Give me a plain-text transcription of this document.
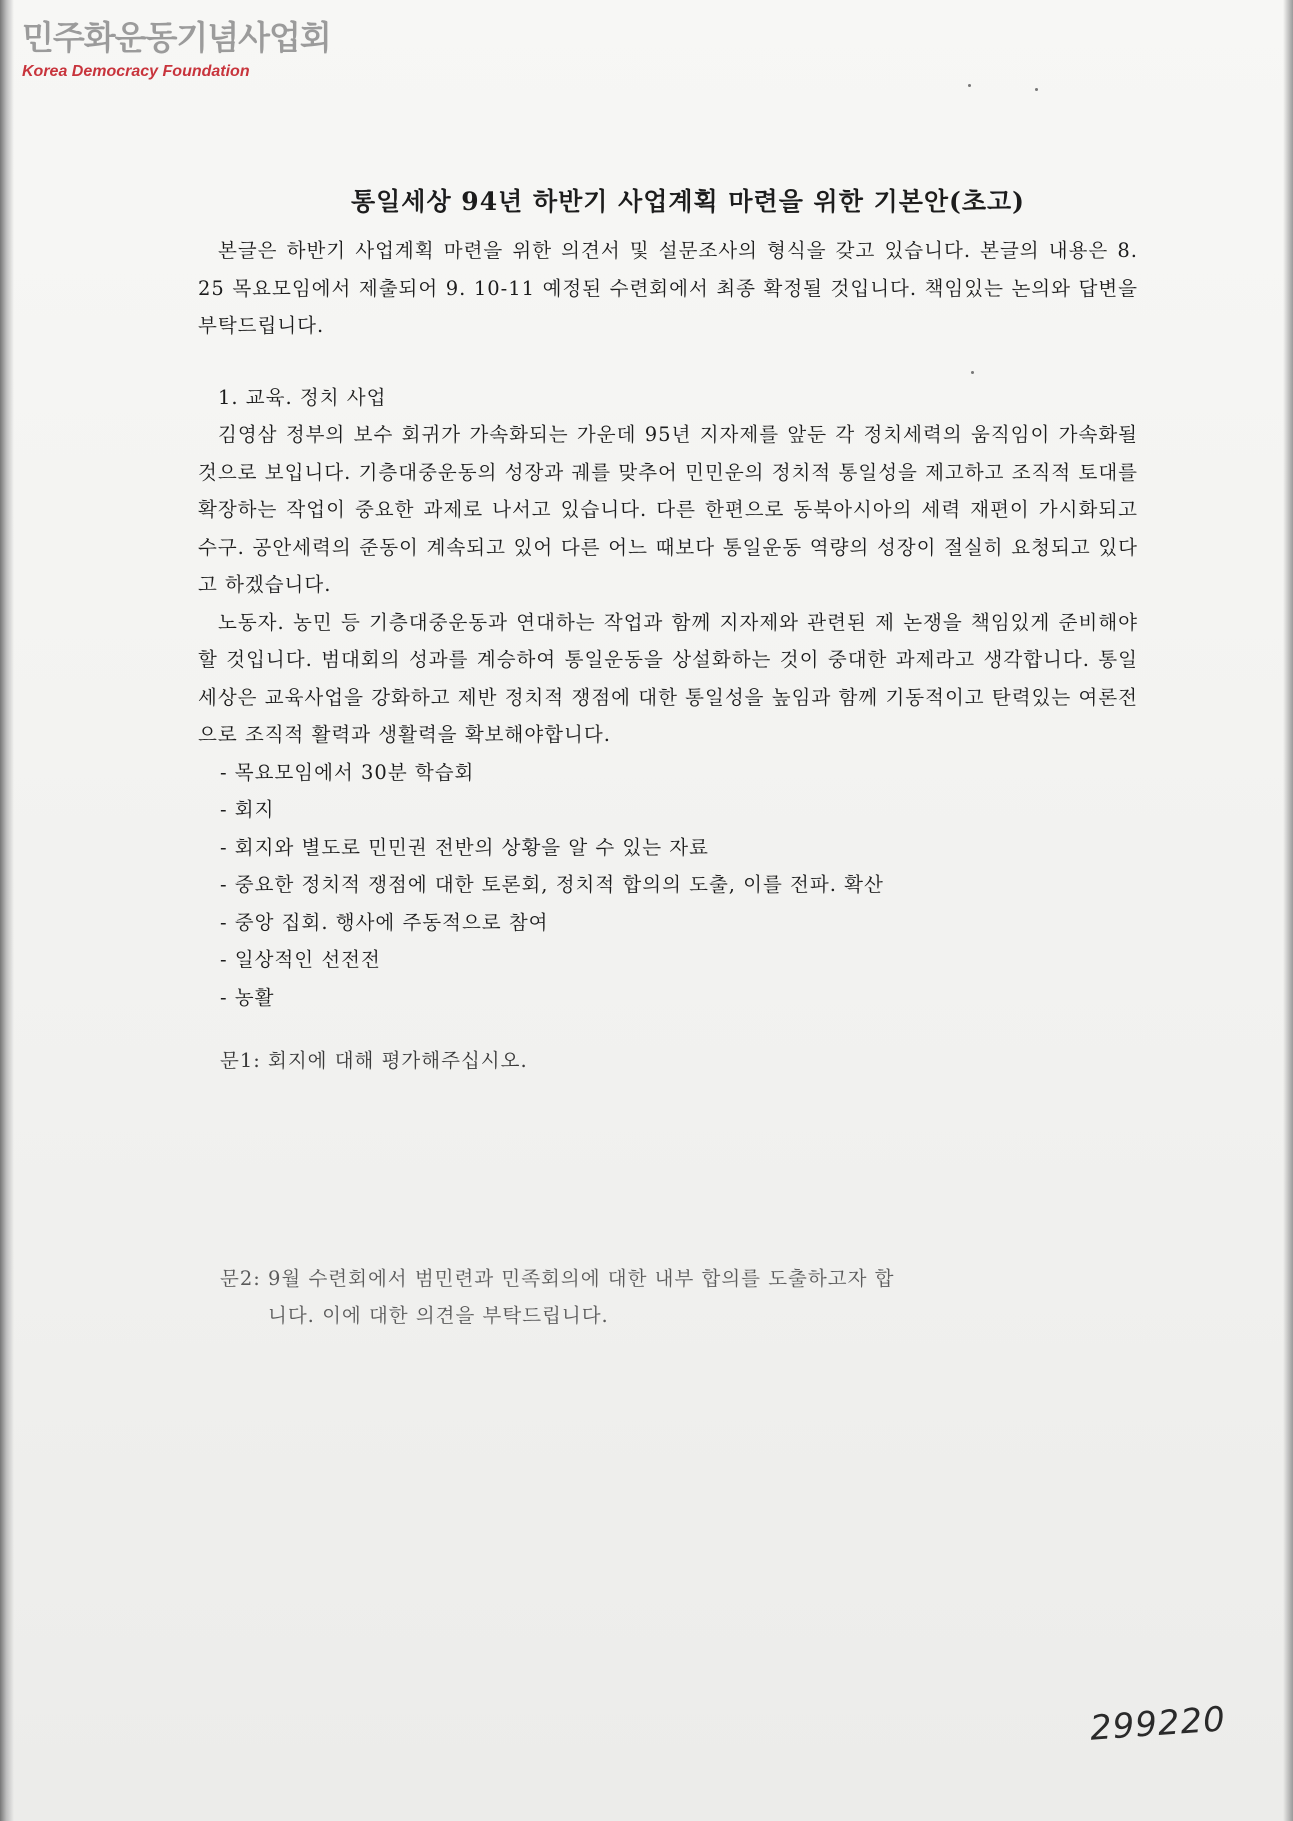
민주화운동기념사업회
Korea Democracy Foundation
통일세상 94년 하반기 사업계획 마련을 위한 기본안(초고)

본글은 하반기 사업계획 마련을 위한 의견서 및 설문조사의 형식을 갖고 있습니다. 본글의 내용은 8. 25 목요모임에서 제출되어 9. 10-11 예정된 수련회에서 최종 확정될 것입니다. 책임있는 논의와 답변을 부탁드립니다.

1. 교육. 정치 사업

김영삼 정부의 보수 회귀가 가속화되는 가운데 95년 지자제를 앞둔 각 정치세력의 움직임이 가속화될 것으로 보입니다. 기층대중운동의 성장과 궤를 맞추어 민민운의 정치적 통일성을 제고하고 조직적 토대를 확장하는 작업이 중요한 과제로 나서고 있습니다. 다른 한편으로 동북아시아의 세력 재편이 가시화되고 수구. 공안세력의 준동이 계속되고 있어 다른 어느 때보다 통일운동 역량의 성장이 절실히 요청되고 있다고 하겠습니다.

노동자. 농민 등 기층대중운동과 연대하는 작업과 함께 지자제와 관련된 제 논쟁을 책임있게 준비해야 할 것입니다. 범대회의 성과를 계승하여 통일운동을 상설화하는 것이 중대한 과제라고 생각합니다. 통일세상은 교육사업을 강화하고 제반 정치적 쟁점에 대한 통일성을 높임과 함께 기동적이고 탄력있는 여론전으로 조직적 활력과 생활력을 확보해야합니다.

- 목요모임에서 30분 학습회
- 회지
- 회지와 별도로 민민권 전반의 상황을 알 수 있는 자료
- 중요한 정치적 쟁점에 대한 토론회, 정치적 합의의 도출, 이를 전파. 확산
- 중앙 집회. 행사에 주동적으로 참여
- 일상적인 선전전
- 농활
문1: 회지에 대해 평가해주십시오.
문2: 9월 수련회에서 범민련과 민족회의에 대한 내부 합의를 도출하고자 합
니다. 이에 대한 의견을 부탁드립니다.
299220
